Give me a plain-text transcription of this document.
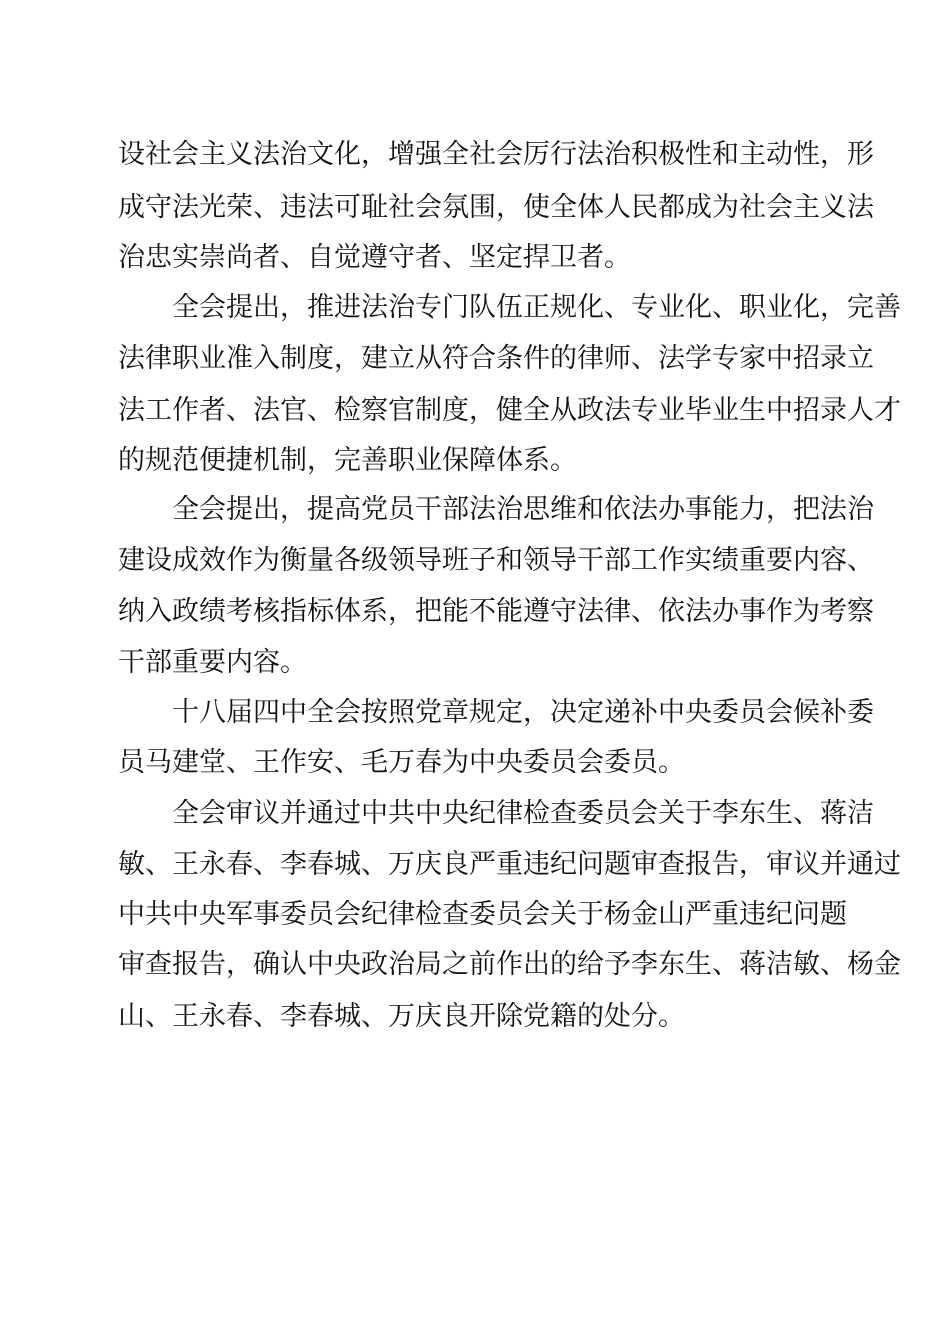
设社会主义法治文化，增强全社会厉行法治积极性和主动性，形
成守法光荣、违法可耻社会氛围，使全体人民都成为社会主义法
治忠实崇尚者、自觉遵守者、坚定捍卫者。
全会提出，推进法治专门队伍正规化、专业化、职业化，完善
法律职业准入制度，建立从符合条件的律师、法学专家中招录立
法工作者、法官、检察官制度，健全从政法专业毕业生中招录人才
的规范便捷机制，完善职业保障体系。
全会提出，提高党员干部法治思维和依法办事能力，把法治
建设成效作为衡量各级领导班子和领导干部工作实绩重要内容、
纳入政绩考核指标体系，把能不能遵守法律、依法办事作为考察
干部重要内容。
十八届四中全会按照党章规定，决定递补中央委员会候补委
员马建堂、王作安、毛万春为中央委员会委员。
全会审议并通过中共中央纪律检查委员会关于李东生、蒋洁
敏、王永春、李春城、万庆良严重违纪问题审查报告，审议并通过
中共中央军事委员会纪律检查委员会关于杨金山严重违纪问题
审查报告，确认中央政治局之前作出的给予李东生、蒋洁敏、杨金
山、王永春、李春城、万庆良开除党籍的处分。
